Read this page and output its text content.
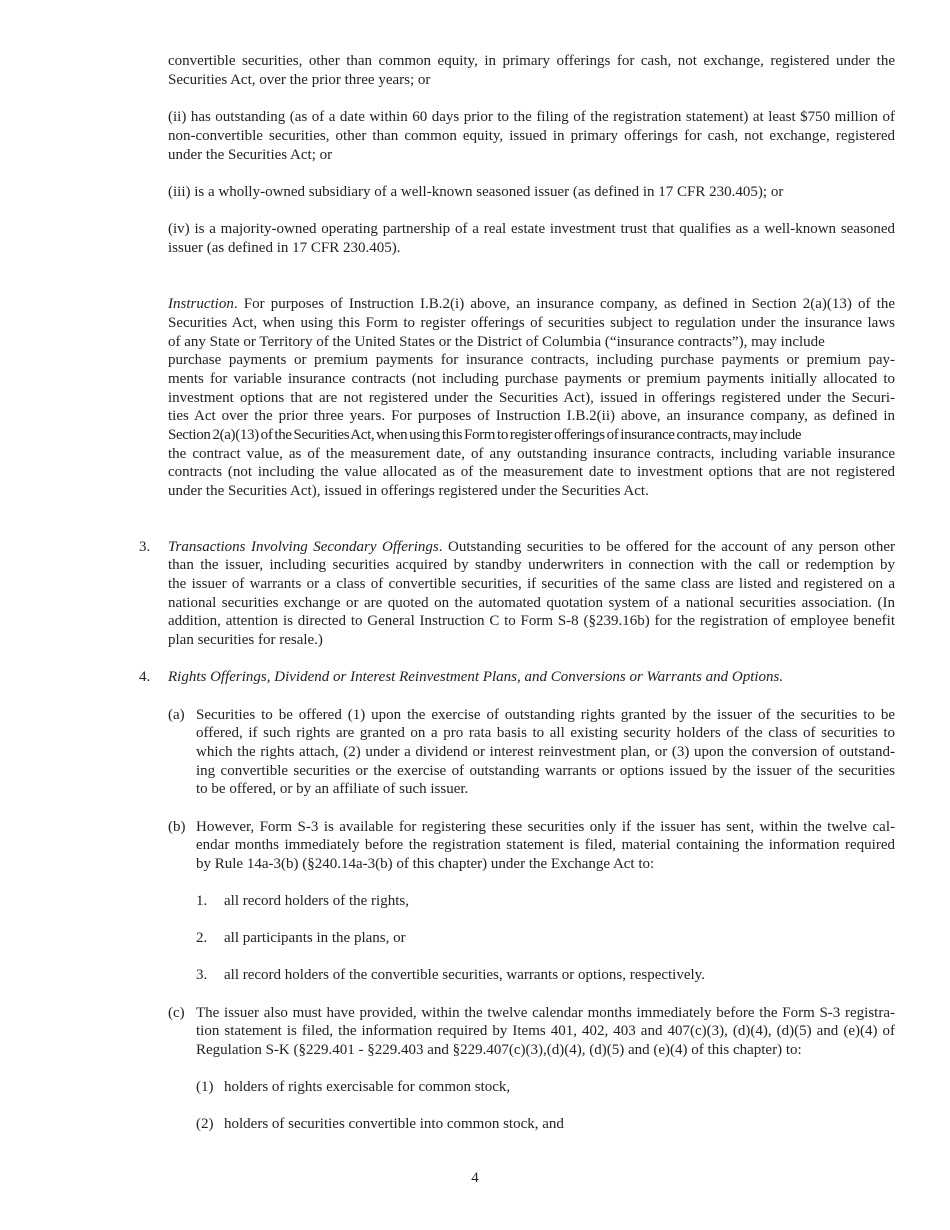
convertible securities, other than common equity, in primary offerings for cash, not exchange, registered under the

Securities Act, over the prior three years; or

(ii) has outstanding (as of a date within 60 days prior to the filing of the registration statement) at least $750 million of

non-convertible securities, other than common equity, issued in primary offerings for cash, not exchange, registered

under the Securities Act; or

(iii) is a wholly-owned subsidiary of a well-known seasoned issuer (as defined in 17 CFR 230.405); or

(iv) is a majority-owned operating partnership of a real estate investment trust that qualifies as a well-known seasoned

issuer (as defined in 17 CFR 230.405).

Instruction. For purposes of Instruction I.B.2(i) above, an insurance company, as defined in Section 2(a)(13) of the

Securities Act, when using this Form to register offerings of securities subject to regulation under the insurance laws

of any State or Territory of the United States or the District of Columbia (“insurance contracts”), may include

purchase payments or premium payments for insurance contracts, including purchase payments or premium pay-

ments for variable insurance contracts (not including purchase payments or premium payments initially allocated to

investment options that are not registered under the Securities Act), issued in offerings registered under the Securi-

ties Act over the prior three years. For purposes of Instruction I.B.2(ii) above, an insurance company, as defined in

Section 2(a)(13) of the Securities Act, when using this Form to register offerings of insurance contracts, may include

the contract value, as of the measurement date, of any outstanding insurance contracts, including variable insurance

contracts (not including the value allocated as of the measurement date to investment options that are not registered

under the Securities Act), issued in offerings registered under the Securities Act.

3. Transactions Involving Secondary Offerings. Outstanding securities to be offered for the account of any person other

than the issuer, including securities acquired by standby underwriters in connection with the call or redemption by

the issuer of warrants or a class of convertible securities, if securities of the same class are listed and registered on a

national securities exchange or are quoted on the automated quotation system of a national securities association. (In

addition, attention is directed to General Instruction C to Form S-8 (§239.16b) for the registration of employee benefit

plan securities for resale.)

4. Rights Offerings, Dividend or Interest Reinvestment Plans, and Conversions or Warrants and Options.

(a) Securities to be offered (1) upon the exercise of outstanding rights granted by the issuer of the securities to be

offered, if such rights are granted on a pro rata basis to all existing security holders of the class of securities to

which the rights attach, (2) under a dividend or interest reinvestment plan, or (3) upon the conversion of outstand-

ing convertible securities or the exercise of outstanding warrants or options issued by the issuer of the securities

to be offered, or by an affiliate of such issuer.

(b) However, Form S-3 is available for registering these securities only if the issuer has sent, within the twelve cal-

endar months immediately before the registration statement is filed, material containing the information required

by Rule 14a-3(b) (§240.14a-3(b) of this chapter) under the Exchange Act to:

1. all record holders of the rights,

2. all participants in the plans, or

3. all record holders of the convertible securities, warrants or options, respectively.

(c) The issuer also must have provided, within the twelve calendar months immediately before the Form S-3 registra-

tion statement is filed, the information required by Items 401, 402, 403 and 407(c)(3), (d)(4), (d)(5) and (e)(4) of

Regulation S-K (§229.401 - §229.403 and §229.407(c)(3),(d)(4), (d)(5) and (e)(4) of this chapter) to:

(1) holders of rights exercisable for common stock,

(2) holders of securities convertible into common stock, and

4
